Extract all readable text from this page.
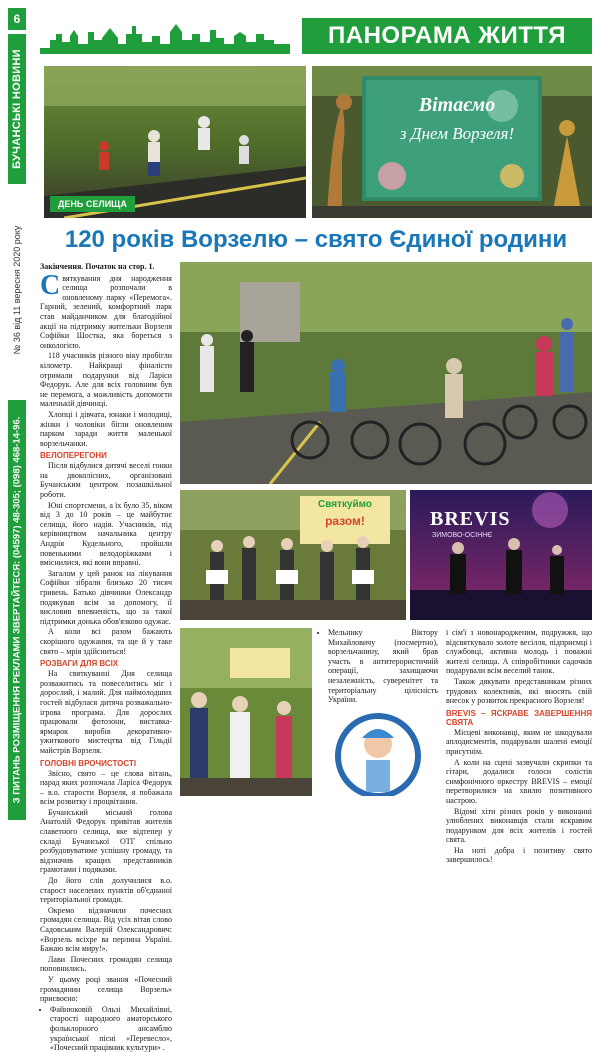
6
БУЧАНСЬКІ НОВИНИ
№ 36 від 11 вересня 2020 року
З ПИТАНЬ РОЗМІЩЕННЯ РЕКЛАМИ ЗВЕРТАЙТЕСЯ: (04597) 48-305; (098) 468-14-96.
ПАНОРАМА ЖИТТЯ
ДЕНЬ СЕЛИЩА
Вітаємо
з Днем Ворзеля!
120 років Ворзелю – свято Єдиної родини

Закінчення. Початок на стор. 1.

Святкування дня народження селища розпочали в оновленому парку «Перемога». Гарний, зелений, комфортний парк став майданчиком для благодійної акції на підтримку жительки Ворзеля Софійки Шостка, яка бореться з онкологією.

118 учасників різного віку пробігли кілометр. Найкращі фіналісти отримали подарунки від Ларіси Федорук. Але для всіх головним був не перемога, а можливість допомогти маленькій дівчинці.

Хлопці і дівчата, юнаки і молодиці, жінки і чоловіки бігли оновленим парком заради життя маленької ворзельчанки.

ВЕЛОПЕРЕГОНИ

Після відбулися дитячі веселі гонки на двоколісних, організовані Бучанським центром позашкільної роботи.

Юні спортсмени, а їх було 35, віком від 3 до 10 років – це майбутнє селища, його надія. Учасників, під керівництвом начальника центру Андрія Кудельного, пройшли повенькими велодоріжками і вміснилися, які вони вправні.

Загалом у цей ранок на лікування Софійки зібрали близько 20 тисяч гривень. Батько дівчинки Олександр подякував всім за допомогу, її висловив впевненість, що за такої підтримки донька обов'язково одужає.

А коли всі разом бажають скорішого одужання, та ще й у таке свято – мрія здійсниться!

РОЗВАГИ ДЛЯ ВСІХ

На святкуванні Дня селища розважитись та повеселитись міг і дорослий, і малий. Для наймолодших гостей відбулася дитяча розважально-ігрова програма. Для дорослих працювали фотозони, виставка-ярмарок виробів декоративно-ужиткового мистецтва від Гільдії майстрів Ворзеля.

ГОЛОВНІ ВРОЧИСТОСТІ

Звісно, свято – це слова вітань, парад яких розпочала Ларіса Федорук – в.о. старости Ворзеля, я побажала всім розвитку і процвітання.

Бучанський міський голова Анатолій Федорук привітав жителів славетного селища, яке відтепер у складі Бучанської ОТГ спільно розбудовуватиме успішну громаду, та відзначив кращих представників грамотами і подяками.

До його слів долучилися в.о. старост населених пунктів об'єднаної територіальної громади.

Окремо відзначили почесних громадян селища. Від усіх вітав слово Садовським Валерій Олександрович: «Ворзель всіхре ва перлина Україні. Бажаю всім миру!».

Лави Почесних громадян селища поповнились.

У цьому році звання «Почесний громадянин селища Ворзель» присвоєно:

• Файнюковій Ользі Михайлівні, старості народного аматорського фольклорного ансамблю української пісні «Перевесло», «Почесний працівник культури» .
Святкуймо
разом!	BREVIS
ЗИМОВО-ОСІННЄ
• Мельнику Віктору Михайловичу (посмертно), ворзельчанину, який брав участь в антитерористичній операції, захищаючи незалежність, суверенітет та територіальну цілісність України.

і сім'ї з новонародженим, подружжя, що відсвяткувало золоте весілля, підприємці і службовці, активна молодь і поважні жителі селища. А співробітники садочків подарували всім веселий танок.

Також дякувати представникам різних трудових колективів, які вносять свій внесок у розвиток прекрасного Ворзеля!

BREVIS – ЯСКРАВЕ ЗАВЕРШЕННЯ СВЯТА

Місцеві виконавці, яким не шкодували аплодисментів, подарували шалені емоції присутнім.

А коли на сцені зазвучали скрипки та гітари, додалися голоси солістів симфонічного оркестру BREVIS – емоції перетворилися на хвилю позитивного настрою.

Відомі хіти різних років у виконанні улюблених виконавців стали яскравим подарунком для всіх жителів і гостей свята.

На ноті добра і позитиву свято завершилось!
